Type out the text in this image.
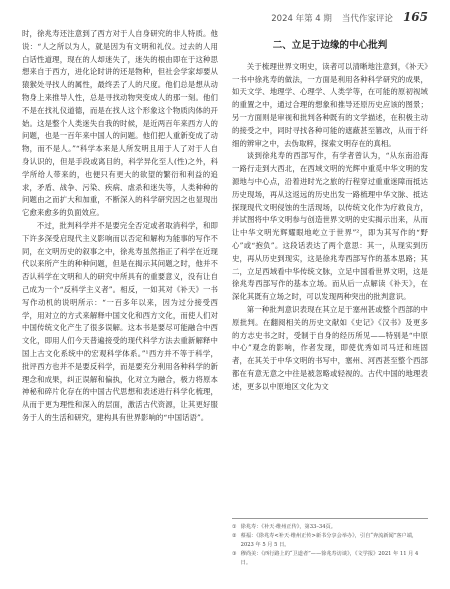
2024 年第 4 期 当代作家评论 165

时，徐兆寿还注意到了西方对于人自身研究的非人特质。他说：“人之所以为人，就是因为有文明和礼仪。过去的人用白话性道理，现在的人却迷失了，迷失的根由即在于这种思想来自于西方，进化论时讲的还是物种，但社会学家却要从猿猴处寻找人的属性，最终丢了人的尺度。他们总是想从动物身上来推导人性，总是寻找动物突变成人的那一刻。他们不是在找礼仪道德，而是在找人这个形象这个物质肉体的开始。这是整个人类迷失自我的时候，是近两百年来西方人的问题，也是一百年来中国人的问题。他们把人重新变成了动物，而不是人。”“科学本来是人所发明且用于人了对于人自身认识的，但是手段或离目的，科学异化至人(性)之外，科学所给人带来的，也便只有更大的欲望的繁衍和利益的追求，矛盾、战争、污染、疾病、虐杀和迷失等，人类种种的问题由之而扩大和加重，不断深入的科学研究因之也显现出它愈来愈多的负面效应。

不过，批判科学并不是要完全否定或者取消科学，和即下许多深受启现代主义影响而以否定和解构为能事的写作不同，在文明历史的叙事之中，徐兆寿虽然指正了科学在近现代以来所产生的种种问题，但是在揭示其问题之时，他并不否认科学在文明和人的研究中所具有的重要意义，没有让自己成为一个“反科学主义者”。相反，一如其对《补天》一书写作动机的说明所示：“一百多年以来，因为过分接受西学，用对立的方式来解释中国文化和西方文化，而使人们对中国传统文化产生了很多误解。这本书是要尽可能融合中西文化，即用人们今天普遍接受的现代科学方法去重新解释中国上古文化系统中的宏观科学体系。”¹西方并不等于科学，批评西方也并不是要反科学，而是要充分利用各种科学的新理念和成果，纠正误解和偏执，化对立为融合，极力将原本神秘和碎片化存在的中国古代思想和表述进行科学化梳理，从而于更为理性和深入的层面，激活古代资源，让其更好服务于人的生活和研究，建构具有世界影响的“中国话语”。

二、立足于边缘的中心批判

关于梳理世界文明史，读者可以清晰地注意到，《补天》一书中徐兆寿的做法，一方面是利用各种科学研究的成果，如天文学、地理学、心理学、人类学等，在可能的原初视域的重置之中，通过合理的想象和推导还原历史应该的图景；另一方面则是审视和批判各种既有的文学描述，在积极主动的接受之中，同时寻找各种可能的遮蔽甚至篡改，从而于纤细的辨审之中，去伪取粹，探索文明存在的真相。

谈到徐兆寿的西部写作，有学者曾认为，“从东南沿海一路行走到大西北，在西域文明的光辉中重觅中华文明的发源地与中心点，沿着进时光之旅的行程穿过重重迷障而抵达历史现场，再从这返远的历史出发一路梳理中华文脉、抵达探现现代文明侵蚀的生活现场，以传统文化作为疗救良方，并试图将中华文明参与创造世界文明的史实揭示出来，从而让中华文明光辉耀眼地屹立于世界”²，即为其写作的“野心”或“抱负”。这段话表达了两个意思：其一，从现实到历史，再从历史到现实，这是徐兆寿西部写作的基本思路；其二，立足西域看中华传统文脉，立足中国看世界文明，这是徐兆寿西部写作的基本立场。而从后一点解读《补天》，在深化其既有立场之时，可以发现两种突出的批判意识。

第一种批判意识表现在其立足于塞州甚或整个西部的中原批判。在翻阅相关的历史文献如《史记》《汉书》及更多的方志史书之时，受制于自身的经历所见——特别是“中原中心”观念的影响，作者发现，即使优秀如司马迁和班固者，在其关于中华文明的书写中，塞州、河西甚至整个西部都在有意无意之中往是被忽略或轻视的。古代中国的地理表述，更多以中原地区文化为文

① 徐兆寿：《补天·维州正传》，第33–34页。
② 蔡福：《徐兆寿<补天·维州正传>新书分享会举办》，引自“奔流新闻”客户端，2023 年 5 月 5 日。
③ 穆尚美：《西行路上的“卫道者”——徐兆寿访谈》，《文学报》2021 年 11 月 4 日。
